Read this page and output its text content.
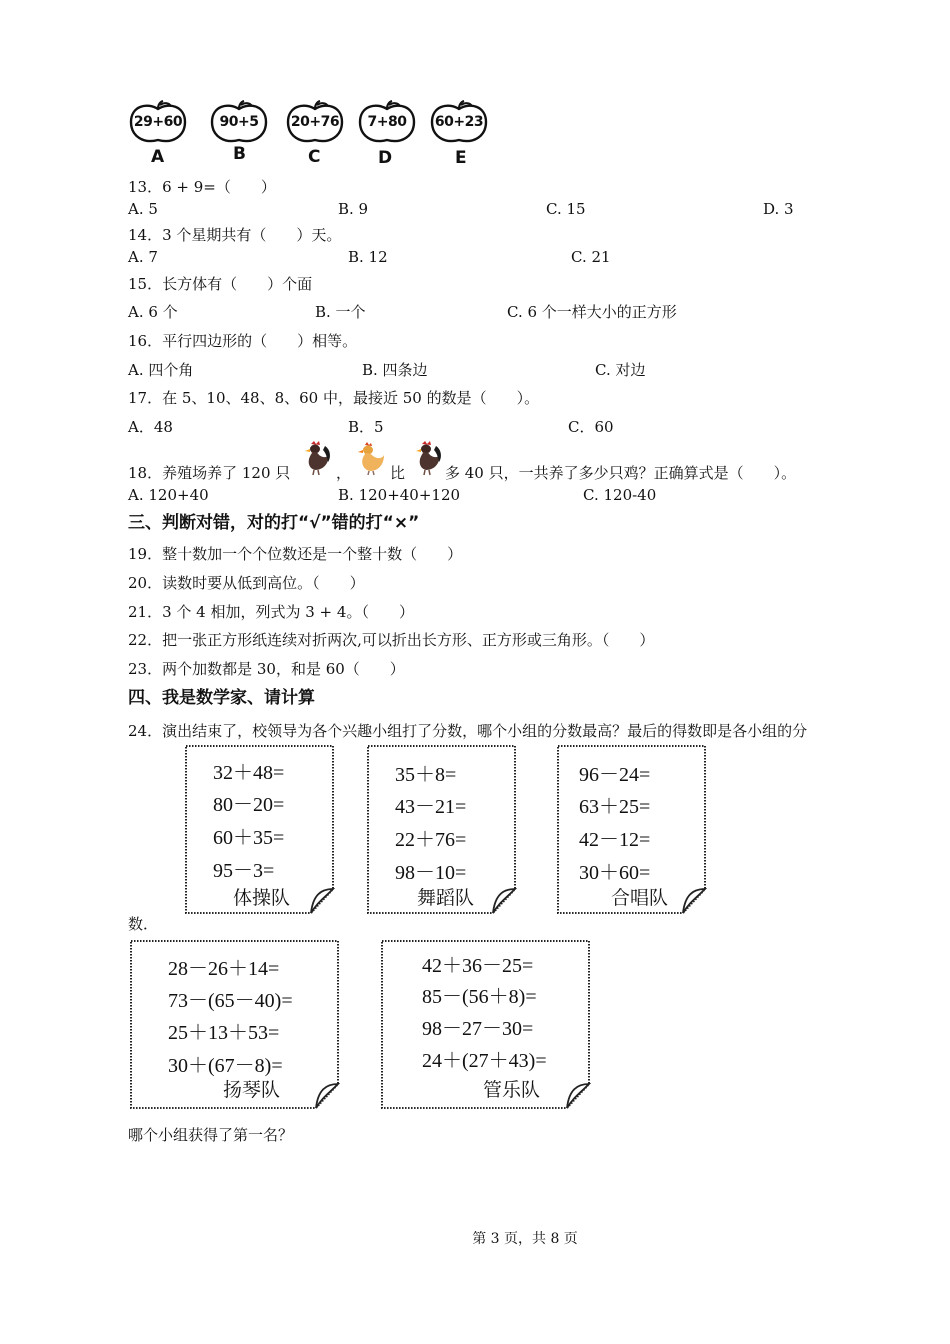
29+60
A
90+5
B
20+76
C
7+80
D
60+23
E
13．6 + 9=（　　）
A. 5	B. 9	C. 15	D. 3
14．3 个星期共有（　　）天。
A. 7	B. 12	C. 21
15．长方体有（　　）个面
A. 6 个	B. 一个	C. 6 个一样大小的正方形
16．平行四边形的（　　）相等。
A. 四个角	B. 四条边	C. 对边
17．在 5、10、48、8、60 中，最接近 50 的数是（　　）。
A．48	B．5	C．60
18．养殖场养了 120 只	，	比	多 40 只，一共养了多少只鸡？正确算式是（　　）。
A. 120+40	B. 120+40+120	C. 120-40
三、判断对错，对的打“√”错的打“×”
19．整十数加一个个位数还是一个整十数（　　）
20．读数时要从低到高位。（　　）
21．3 个 4 相加，列式为 3 + 4。（　　）
22．把一张正方形纸连续对折两次,可以折出长方形、正方形或三角形。（　　）
23．两个加数都是 30，和是 60（　　）
四、我是数学家、请计算
24．演出结束了，校领导为各个兴趣小组打了分数，哪个小组的分数最高？最后的得数即是各小组的分
32＋48=
80－20=
60＋35=
95－3=
体操队
35＋8=
43－21=
22＋76=
98－10=
舞蹈队
96－24=
63＋25=
42－12=
30＋60=
合唱队
数．
28－26＋14=
73－(65－40)=
25＋13＋53=
30＋(67－8)=
扬琴队
42＋36－25=
85－(56＋8)=
98－27－30=
24＋(27＋43)=
管乐队
哪个小组获得了第一名？
第 3 页，共 8 页
